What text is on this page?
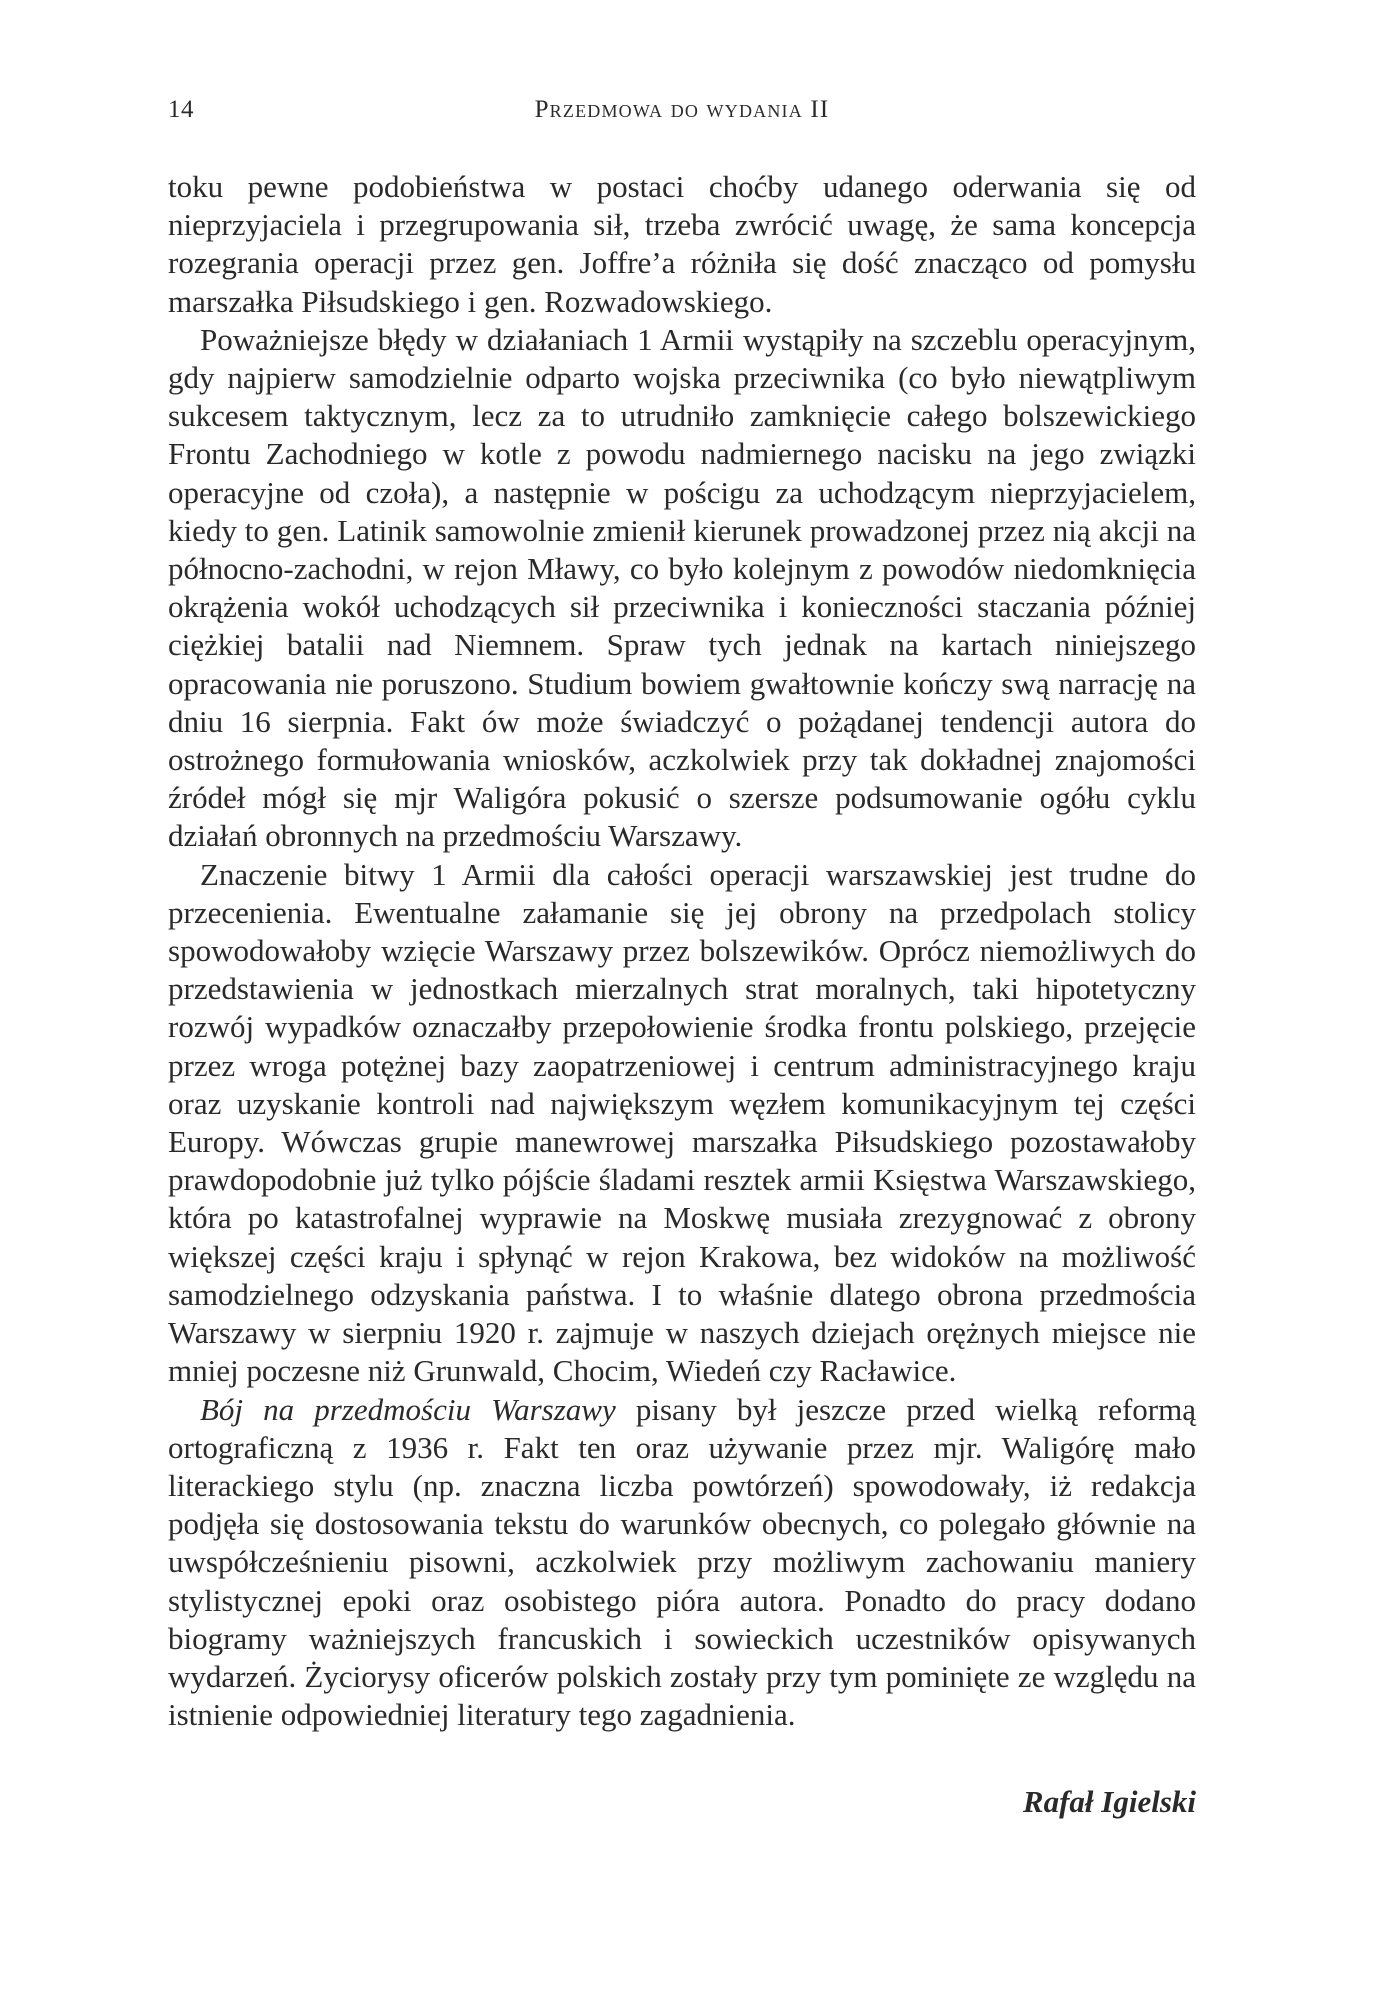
14	Przedmowa do wydania II

toku pewne podobieństwa w postaci choćby udanego oderwania się od nieprzyjaciela i przegrupowania sił, trzeba zwrócić uwagę, że sama koncepcja rozegrania operacji przez gen. Joffre’a różniła się dość znacząco od pomysłu marszałka Piłsudskiego i gen. Rozwadowskiego.

Poważniejsze błędy w działaniach 1 Armii wystąpiły na szczeblu operacyjnym, gdy najpierw samodzielnie odparto wojska przeciwnika (co było niewątpliwym sukcesem taktycznym, lecz za to utrudniło zamknięcie całego bolszewickiego Frontu Zachodniego w kotle z powodu nadmiernego nacisku na jego związki operacyjne od czoła), a następnie w pościgu za uchodzącym nieprzyjacielem, kiedy to gen. Latinik samowolnie zmienił kierunek prowadzonej przez nią akcji na północno-zachodni, w rejon Mławy, co było kolejnym z powodów niedomknięcia okrążenia wokół uchodzących sił przeciwnika i konieczności staczania później ciężkiej batalii nad Niemnem. Spraw tych jednak na kartach niniejszego opracowania nie poruszono. Studium bowiem gwałtownie kończy swą narrację na dniu 16 sierpnia. Fakt ów może świadczyć o pożądanej tendencji autora do ostrożnego formułowania wniosków, aczkolwiek przy tak dokładnej znajomości źródeł mógł się mjr Waligóra pokusić o szersze podsumowanie ogółu cyklu działań obronnych na przedmościu Warszawy.

Znaczenie bitwy 1 Armii dla całości operacji warszawskiej jest trudne do przecenienia. Ewentualne załamanie się jej obrony na przedpolach stolicy spowodowałoby wzięcie Warszawy przez bolszewików. Oprócz niemożliwych do przedstawienia w jednostkach mierzalnych strat moralnych, taki hipotetyczny rozwój wypadków oznaczałby przepołowienie środka frontu polskiego, przejęcie przez wroga potężnej bazy zaopatrzeniowej i centrum administracyjnego kraju oraz uzyskanie kontroli nad największym węzłem komunikacyjnym tej części Europy. Wówczas grupie manewrowej marszałka Piłsudskiego pozostawałoby prawdopodobnie już tylko pójście śladami resztek armii Księstwa Warszawskiego, która po katastrofalnej wyprawie na Moskwę musiała zrezygnować z obrony większej części kraju i spłynąć w rejon Krakowa, bez widoków na możliwość samodzielnego odzyskania państwa. I to właśnie dlatego obrona przedmościa Warszawy w sierpniu 1920 r. zajmuje w naszych dziejach orężnych miejsce nie mniej poczesne niż Grunwald, Chocim, Wiedeń czy Racławice.

Bój na przedmościu Warszawy pisany był jeszcze przed wielką reformą ortograficzną z 1936 r. Fakt ten oraz używanie przez mjr. Waligórę mało literackiego stylu (np. znaczna liczba powtórzeń) spowodowały, iż redakcja podjęła się dostosowania tekstu do warunków obecnych, co polegało głównie na uwspółcześnieniu pisowni, aczkolwiek przy możliwym zachowaniu maniery stylistycznej epoki oraz osobistego pióra autora. Ponadto do pracy dodano biogramy ważniejszych francuskich i sowieckich uczestników opisywanych wydarzeń. Życiorysy oficerów polskich zostały przy tym pominięte ze względu na istnienie odpowiedniej literatury tego zagadnienia.

Rafał Igielski
